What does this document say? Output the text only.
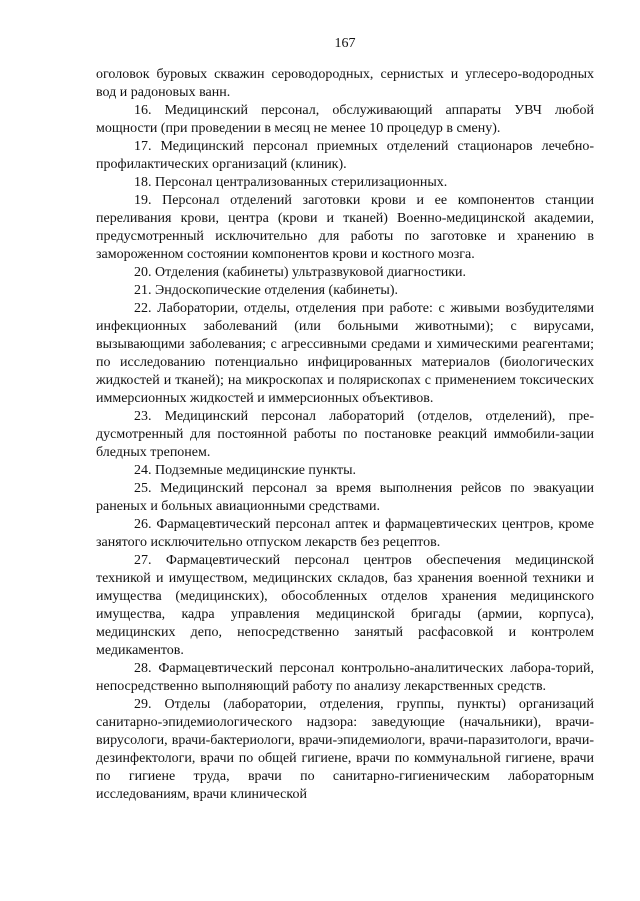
167

оголовок буровых скважин сероводородных, сернистых и углесеро-водородных вод и радоновых ванн.

16. Медицинский персонал, обслуживающий аппараты УВЧ любой мощности (при проведении в месяц не менее 10 процедур в смену).

17. Медицинский персонал приемных отделений стационаров лечебно-профилактических организаций (клиник).

18. Персонал централизованных стерилизационных.

19. Персонал отделений заготовки крови и ее компонентов станции переливания крови, центра (крови и тканей) Военно-медицинской академии, предусмотренный исключительно для работы по заготовке и хранению в замороженном состоянии компонентов крови и костного мозга.

20. Отделения (кабинеты) ультразвуковой диагностики.

21. Эндоскопические отделения (кабинеты).

22. Лаборатории, отделы, отделения при работе: с живыми возбудителями инфекционных заболеваний (или больными животными); с вирусами, вызывающими заболевания; с агрессивными средами и химическими реагентами; по исследованию потенциально инфицированных материалов (биологических жидкостей и тканей); на микроскопах и полярископах с применением токсических иммерсионных жидкостей и иммерсионных объективов.

23. Медицинский персонал лабораторий (отделов, отделений), пре-дусмотренный для постоянной работы по постановке реакций иммобили-зации бледных трепонем.

24. Подземные медицинские пункты.

25. Медицинский персонал за время выполнения рейсов по эвакуации раненых и больных авиационными средствами.

26. Фармацевтический персонал аптек и фармацевтических центров, кроме занятого исключительно отпуском лекарств без рецептов.

27. Фармацевтический персонал центров обеспечения медицинской техникой и имуществом, медицинских складов, баз хранения военной техники и имущества (медицинских), обособленных отделов хранения медицинского имущества, кадра управления медицинской бригады (армии, корпуса), медицинских депо, непосредственно занятый расфасовкой и контролем медикаментов.

28. Фармацевтический персонал контрольно-аналитических лабора-торий, непосредственно выполняющий работу по анализу лекарственных средств.

29. Отделы (лаборатории, отделения, группы, пункты) организаций санитарно-эпидемиологического надзора: заведующие (начальники), врачи-вирусологи, врачи-бактериологи, врачи-эпидемиологи, врачи-паразитологи, врачи-дезинфектологи, врачи по общей гигиене, врачи по коммунальной гигиене, врачи по гигиене труда, врачи по санитарно-гигиеническим лабораторным исследованиям, врачи клинической
